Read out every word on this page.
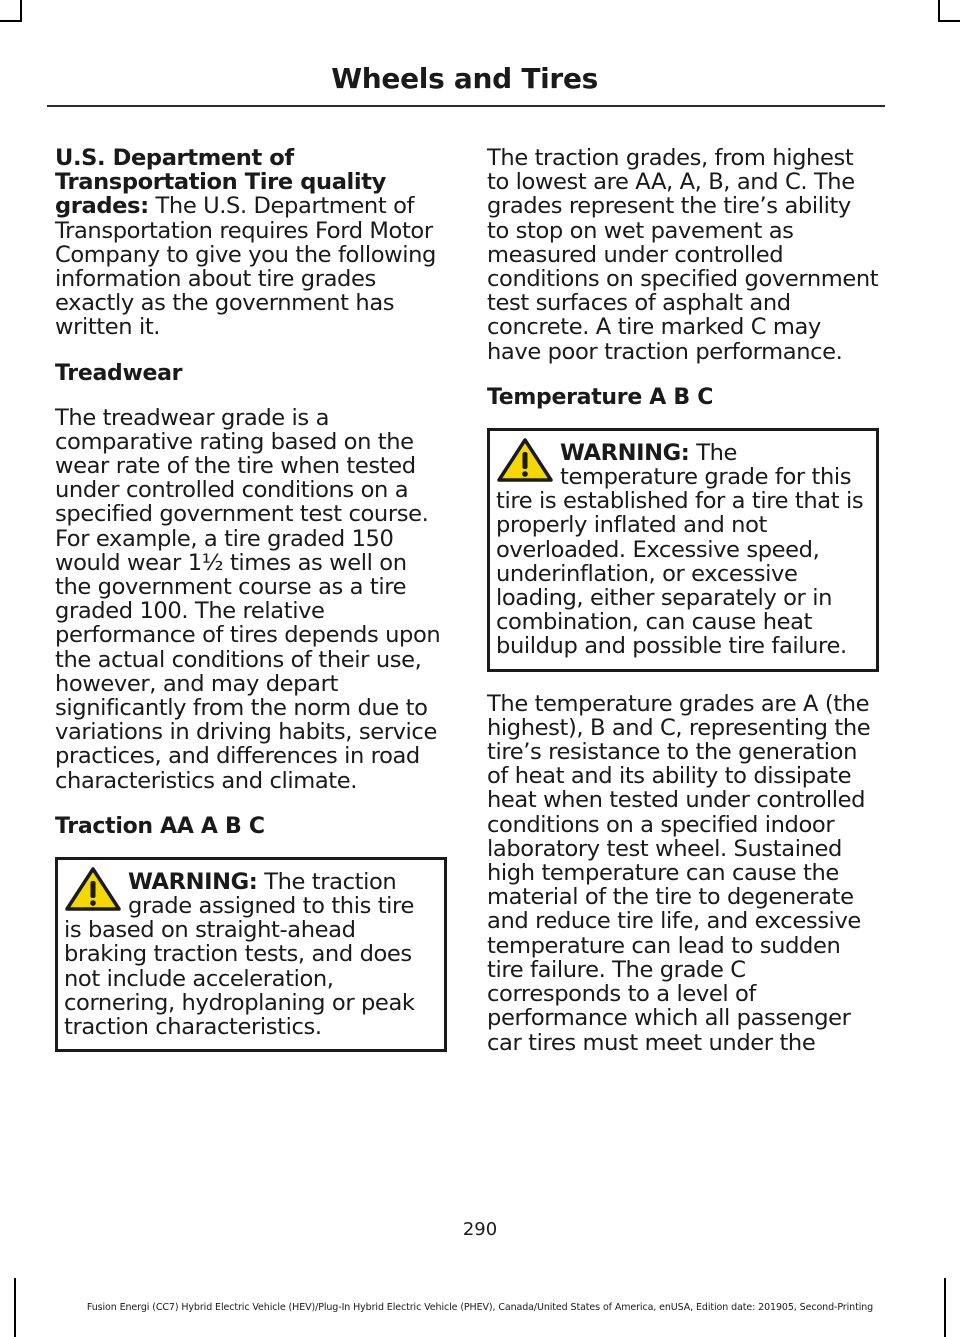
Wheels and Tires

U.S. Department of Transportation Tire quality grades: The U.S. Department of Transportation requires Ford Motor Company to give you the following information about tire grades exactly as the government has written it.

Treadwear

The treadwear grade is a comparative rating based on the wear rate of the tire when tested under controlled conditions on a specified government test course. For example, a tire graded 150 would wear 1½ times as well on the government course as a tire graded 100. The relative performance of tires depends upon the actual conditions of their use, however, and may depart significantly from the norm due to variations in driving habits, service practices, and differences in road characteristics and climate.

Traction AA A B C
WARNING: The traction grade assigned to this tire is based on straight-ahead braking traction tests, and does not include acceleration, cornering, hydroplaning or peak traction characteristics.

The traction grades, from highest to lowest are AA, A, B, and C. The grades represent the tire’s ability to stop on wet pavement as measured under controlled conditions on specified government test surfaces of asphalt and concrete. A tire marked C may have poor traction performance.

Temperature A B C
WARNING: The temperature grade for this tire is established for a tire that is properly inflated and not overloaded. Excessive speed, underinflation, or excessive loading, either separately or in combination, can cause heat buildup and possible tire failure.

The temperature grades are A (the highest), B and C, representing the tire’s resistance to the generation of heat and its ability to dissipate heat when tested under controlled conditions on a specified indoor laboratory test wheel. Sustained high temperature can cause the material of the tire to degenerate and reduce tire life, and excessive temperature can lead to sudden tire failure. The grade C corresponds to a level of performance which all passenger car tires must meet under the

290
Fusion Energi (CC7) Hybrid Electric Vehicle (HEV)/Plug-In Hybrid Electric Vehicle (PHEV), Canada/United States of America, enUSA, Edition date: 201905, Second-Printing
